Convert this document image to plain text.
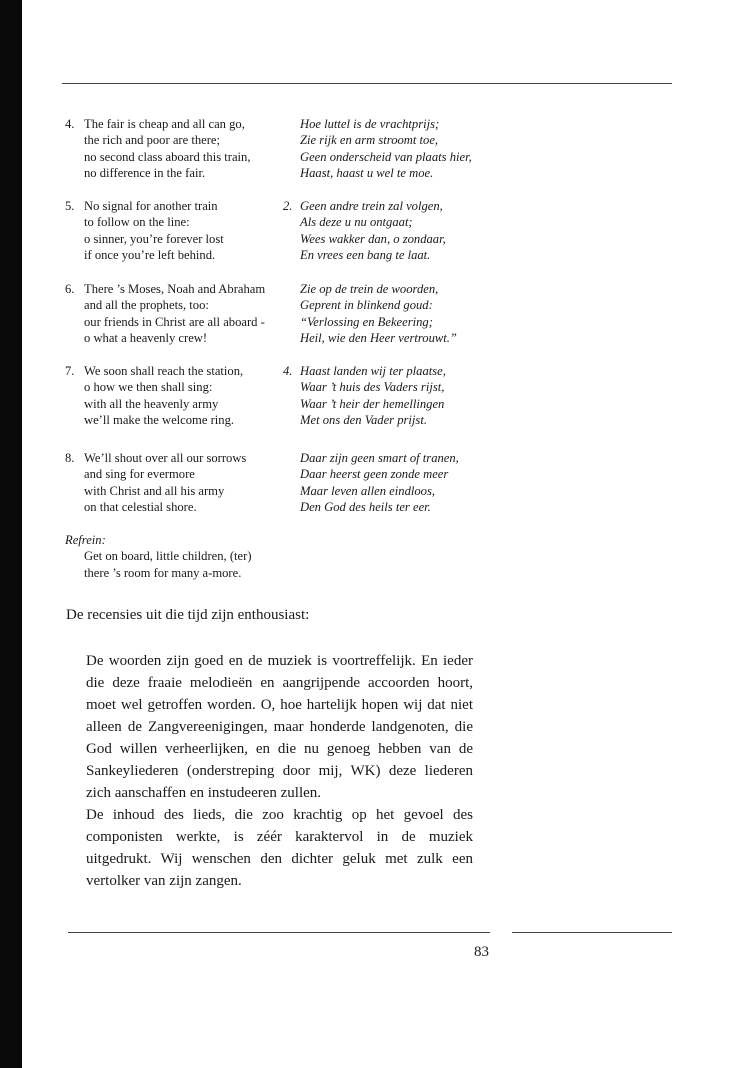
4. The fair is cheap and all can go,
the rich and poor are there;
no second class aboard this train,
no difference in the fair.
Hoe luttel is de vrachtprijs;
Zie rijk en arm stroomt toe,
Geen onderscheid van plaats hier,
Haast, haast u wel te moe.
5.	2.
No signal for another train
to follow on the line:
o sinner, you’re forever lost
if once you’re left behind.
Geen andre trein zal volgen,
Als deze u nu ontgaat;
Wees wakker dan, o zondaar,
En vrees een bang te laat.
6. There ’s Moses, Noah and Abraham
and all the prophets, too:
our friends in Christ are all aboard -
o what a heavenly crew!
Zie op de trein de woorden,
Geprent in blinkend goud:
“Verlossing en Bekeering;
Heil, wie den Heer vertrouwt.”
7.	4.
We soon shall reach the station,
o how we then shall sing:
with all the heavenly army
we’ll make the welcome ring.
Haast landen wij ter plaatse,
Waar ’t huis des Vaders rijst,
Waar ’t heir der hemellingen
Met ons den Vader prijst.
8. We’ll shout over all our sorrows
and sing for evermore
with Christ and all his army
on that celestial shore.
Daar zijn geen smart of tranen,
Daar heerst geen zonde meer
Maar leven allen eindloos,
Den God des heils ter eer.
Refrein:
Get on board, little children, (ter)
there ’s room for many a-more.
De recensies uit die tijd zijn enthousiast:

De woorden zijn goed en de muziek is voortreffelijk. En ieder die deze fraaie melodieën en aangrijpende accoorden hoort, moet wel getroffen worden. O, hoe hartelijk hopen wij dat niet alleen de Zangvereenigingen, maar honderde landgenoten, die God willen verheerlijken, en die nu genoeg hebben van de Sankeyliederen (onderstreping door mij, WK) deze liederen zich aanschaffen en instudeeren zullen.

De inhoud des lieds, die zoo krachtig op het gevoel des componisten werkte, is zéér karaktervol in de muziek uitgedrukt. Wij wenschen den dichter geluk met zulk een vertolker van zijn zangen.

83
